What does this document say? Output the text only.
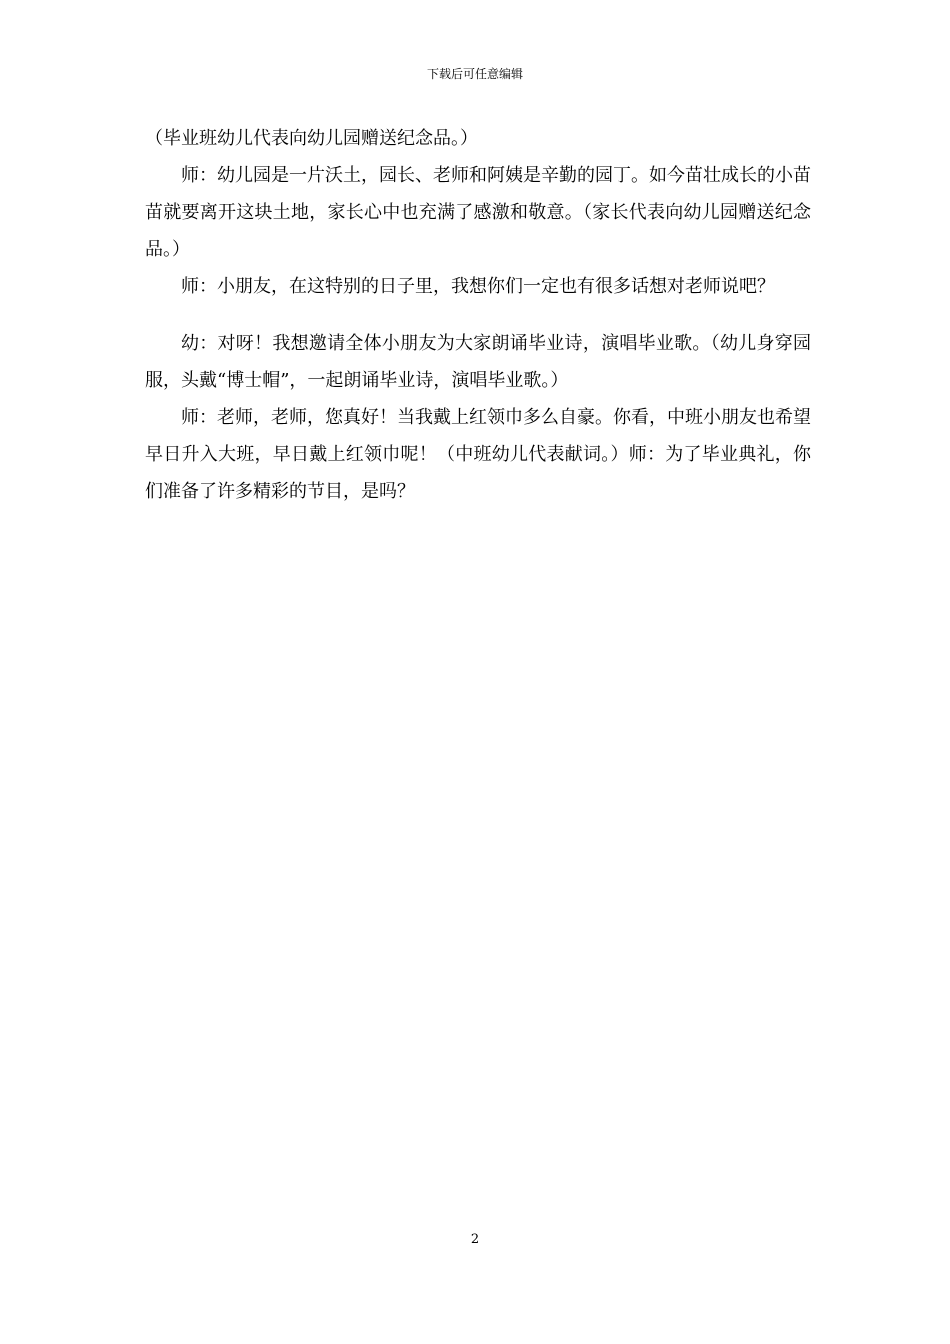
下载后可任意编辑

（毕业班幼儿代表向幼儿园赠送纪念品。）

师：幼儿园是一片沃土，园长、老师和阿姨是辛勤的园丁。如今苗壮成长的小苗苗就要离开这块土地，家长心中也充满了感激和敬意。（家长代表向幼儿园赠送纪念品。）

师：小朋友，在这特别的日子里，我想你们一定也有很多话想对老师说吧？

幼：对呀！我想邀请全体小朋友为大家朗诵毕业诗，演唱毕业歌。（幼儿身穿园服，头戴“博士帽”，一起朗诵毕业诗，演唱毕业歌。）

师：老师，老师，您真好！当我戴上红领巾多么自豪。你看，中班小朋友也希望早日升入大班，早日戴上红领巾呢！（中班幼儿代表献词。）师：为了毕业典礼，你们准备了许多精彩的节目，是吗？

2
